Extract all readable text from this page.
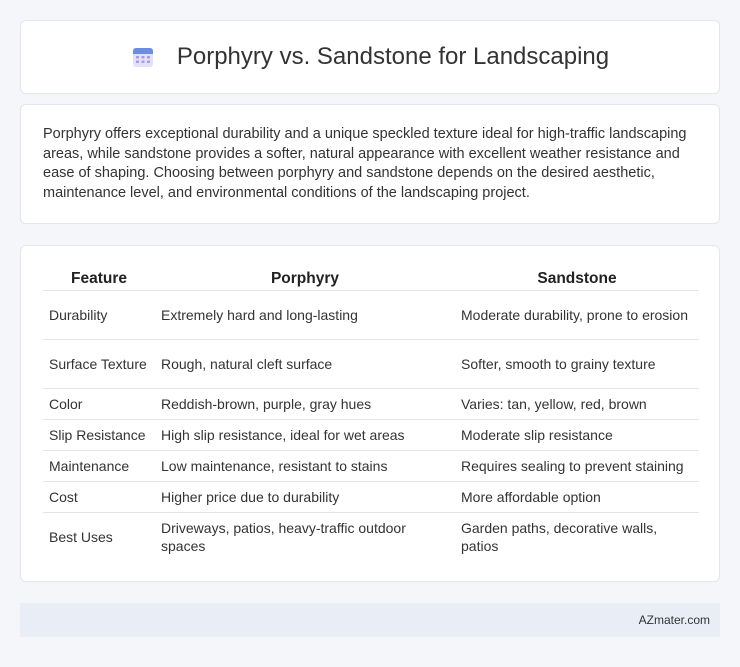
Porphyry vs. Sandstone for Landscaping

Porphyry offers exceptional durability and a unique speckled texture ideal for high-traffic landscaping areas, while sandstone provides a softer, natural appearance with excellent weather resistance and ease of shaping. Choosing between porphyry and sandstone depends on the desired aesthetic, maintenance level, and environmental conditions of the landscaping project.

Feature	Porphyry	Sandstone
Durability	Extremely hard and long-lasting	Moderate durability, prone to erosion
Surface Texture	Rough, natural cleft surface	Softer, smooth to grainy texture
Color	Reddish-brown, purple, gray hues	Varies: tan, yellow, red, brown
Slip Resistance	High slip resistance, ideal for wet areas	Moderate slip resistance
Maintenance	Low maintenance, resistant to stains	Requires sealing to prevent staining
Cost	Higher price due to durability	More affordable option
Best Uses	Driveways, patios, heavy-traffic outdoor spaces	Garden paths, decorative walls, patios
AZmater.com
